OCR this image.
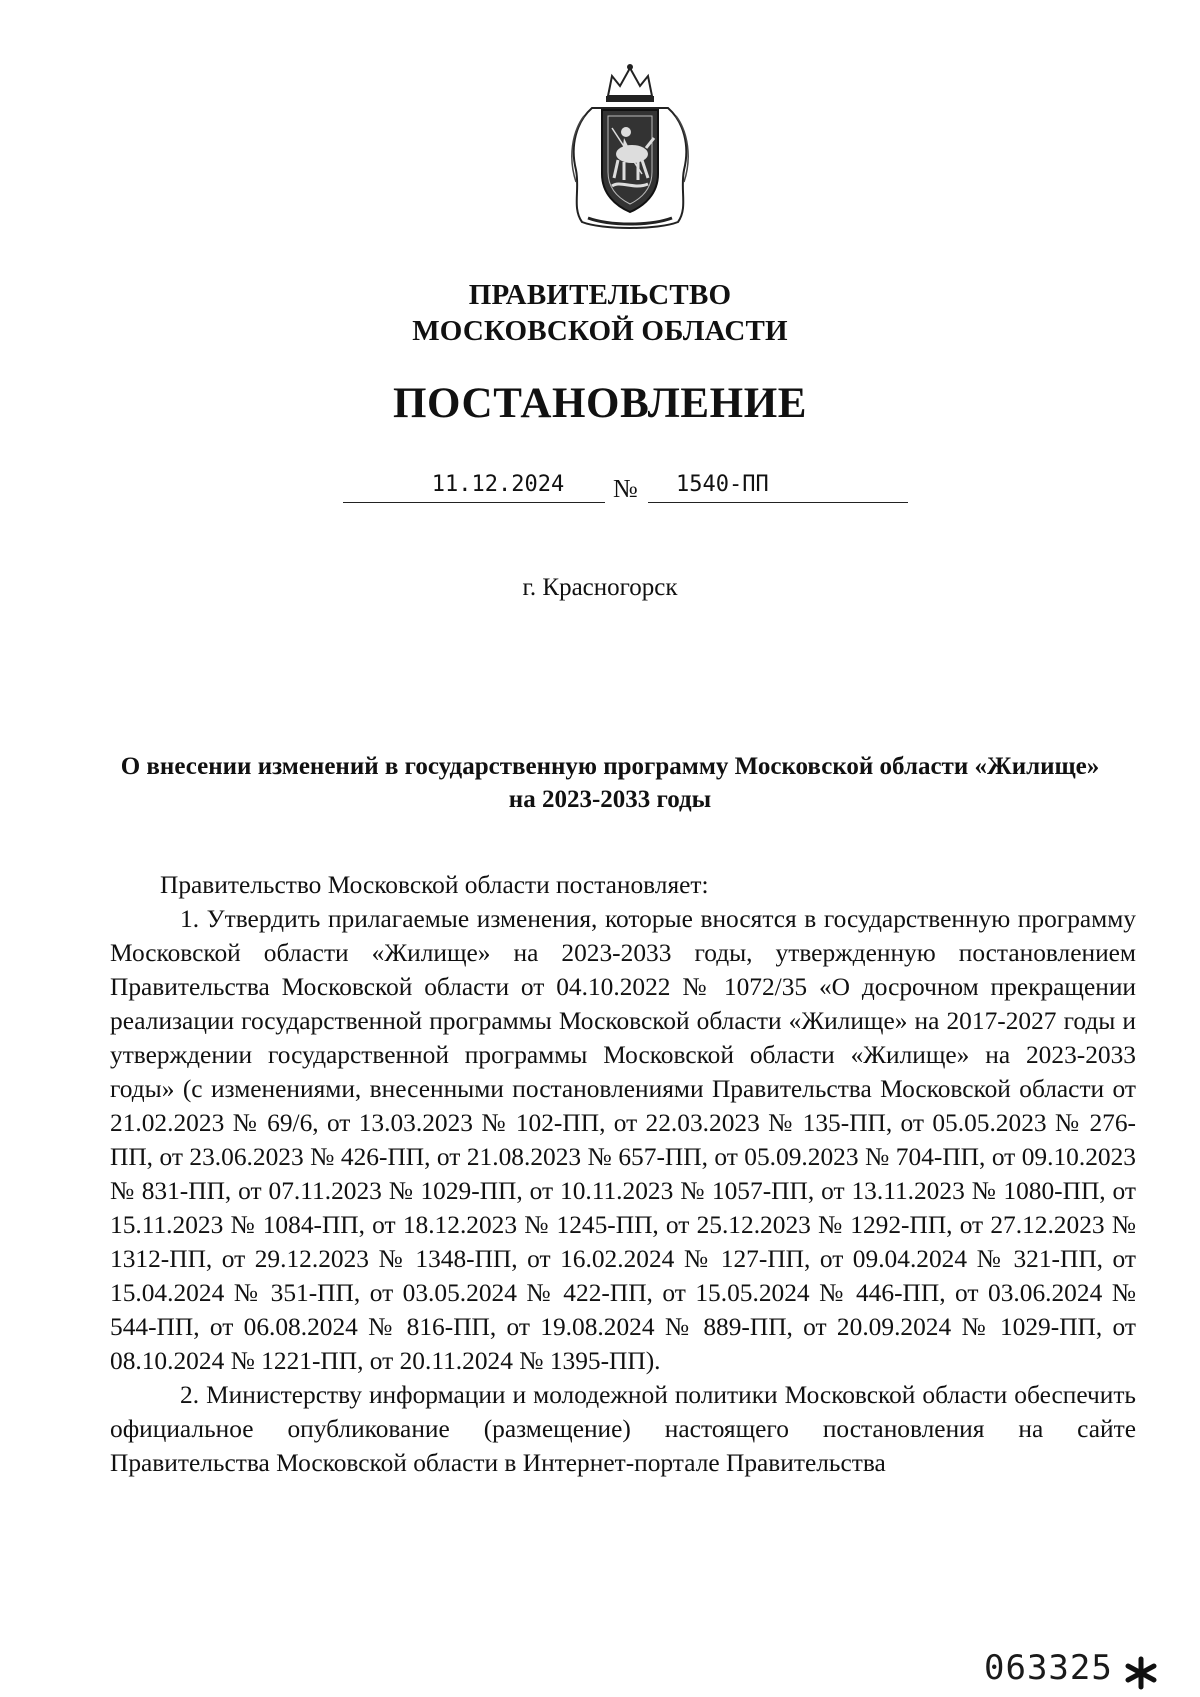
ПРАВИТЕЛЬСТВО
МОСКОВСКОЙ ОБЛАСТИ
ПОСТАНОВЛЕНИЕ
11.12.2024	№	1540-ПП
г. Красногорск
О внесении изменений в государственную программу Московской области «Жилище» на 2023-2033 годы

Правительство Московской области постановляет:

1. Утвердить прилагаемые изменения, которые вносятся в государственную программу Московской области «Жилище» на 2023-2033 годы, утвержденную постановлением Правительства Московской области от 04.10.2022 № 1072/35 «О досрочном прекращении реализации государственной программы Московской области «Жилище» на 2017-2027 годы и утверждении государственной программы Московской области «Жилище» на 2023-2033 годы» (с изменениями, внесенными постановлениями Правительства Московской области от 21.02.2023 № 69/6, от 13.03.2023 № 102-ПП, от 22.03.2023 № 135-ПП, от 05.05.2023 № 276-ПП, от 23.06.2023 № 426-ПП, от 21.08.2023 № 657-ПП, от 05.09.2023 № 704-ПП, от 09.10.2023 № 831-ПП, от 07.11.2023 № 1029-ПП, от 10.11.2023 № 1057-ПП, от 13.11.2023 № 1080-ПП, от 15.11.2023 № 1084-ПП, от 18.12.2023 № 1245-ПП, от 25.12.2023 № 1292-ПП, от 27.12.2023 № 1312-ПП, от 29.12.2023 № 1348-ПП, от 16.02.2024 № 127-ПП, от 09.04.2024 № 321-ПП, от 15.04.2024 № 351-ПП, от 03.05.2024 № 422-ПП, от 15.05.2024 № 446-ПП, от 03.06.2024 № 544-ПП, от 06.08.2024 № 816-ПП, от 19.08.2024 № 889-ПП, от 20.09.2024 № 1029-ПП, от 08.10.2024 № 1221-ПП, от 20.11.2024 № 1395-ПП).

2. Министерству информации и молодежной политики Московской области обеспечить официальное опубликование (размещение) настоящего постановления на сайте Правительства Московской области в Интернет-портале Правительства

063325
